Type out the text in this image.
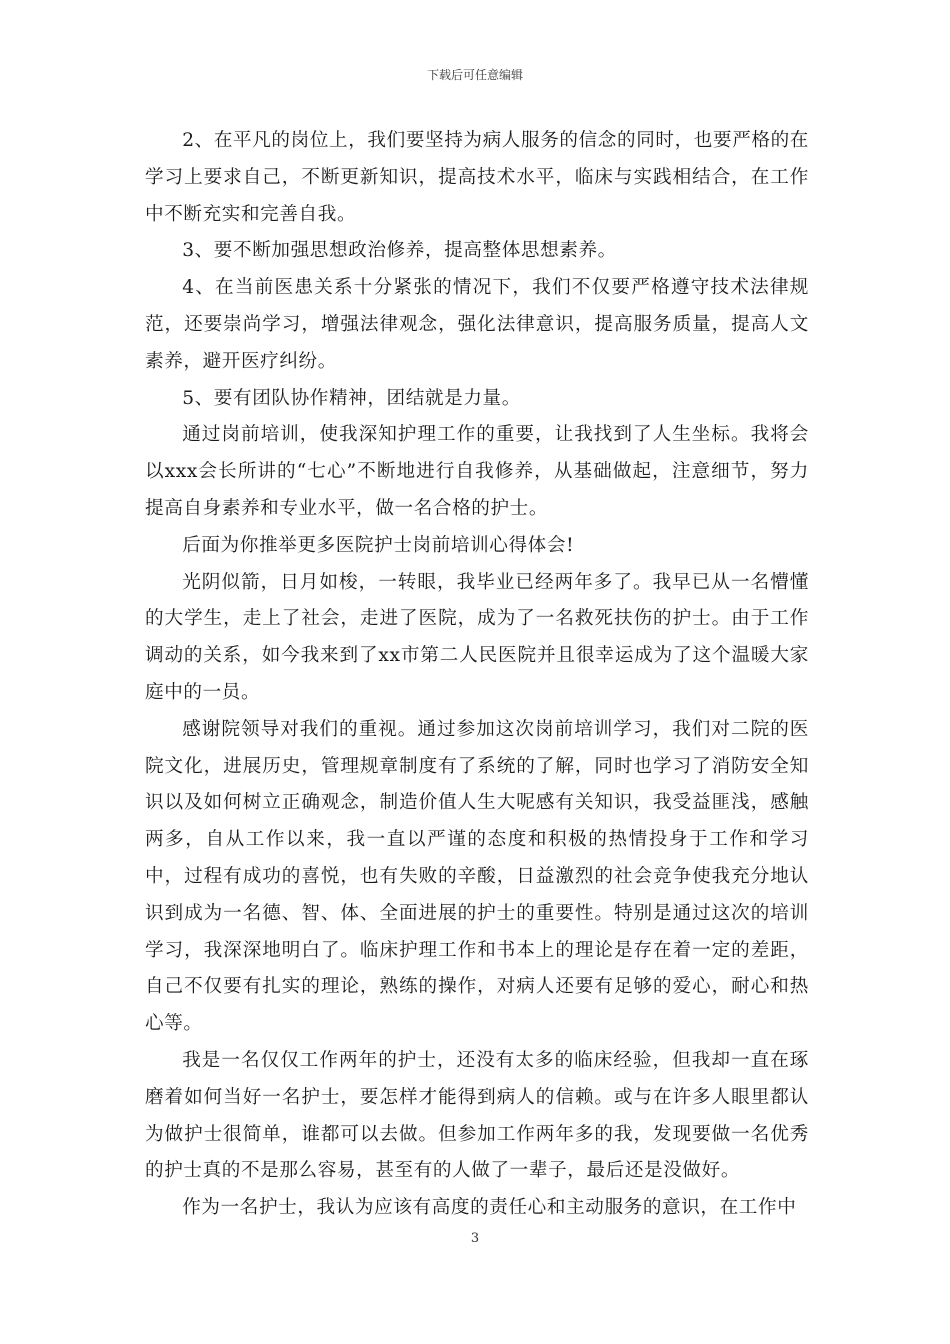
下载后可任意编辑

2、在平凡的岗位上，我们要坚持为病人服务的信念的同时，也要严格的在学习上要求自己，不断更新知识，提高技术水平，临床与实践相结合，在工作中不断充实和完善自我。

3、要不断加强思想政治修养，提高整体思想素养。

4、在当前医患关系十分紧张的情况下，我们不仅要严格遵守技术法律规范，还要崇尚学习，增强法律观念，强化法律意识，提高服务质量，提高人文素养，避开医疗纠纷。

5、要有团队协作精神，团结就是力量。

通过岗前培训，使我深知护理工作的重要，让我找到了人生坐标。我将会以xxx会长所讲的“七心”不断地进行自我修养，从基础做起，注意细节，努力提高自身素养和专业水平，做一名合格的护士。

后面为你推举更多医院护士岗前培训心得体会!

光阴似箭，日月如梭，一转眼，我毕业已经两年多了。我早已从一名懵懂的大学生，走上了社会，走进了医院，成为了一名救死扶伤的护士。由于工作调动的关系，如今我来到了xx市第二人民医院并且很幸运成为了这个温暖大家庭中的一员。

感谢院领导对我们的重视。通过参加这次岗前培训学习，我们对二院的医院文化，进展历史，管理规章制度有了系统的了解，同时也学习了消防安全知识以及如何树立正确观念，制造价值人生大呢感有关知识，我受益匪浅，感触两多，自从工作以来，我一直以严谨的态度和积极的热情投身于工作和学习中，过程有成功的喜悦，也有失败的辛酸，日益激烈的社会竞争使我充分地认识到成为一名德、智、体、全面进展的护士的重要性。特别是通过这次的培训学习，我深深地明白了。临床护理工作和书本上的理论是存在着一定的差距，自己不仅要有扎实的理论，熟练的操作，对病人还要有足够的爱心，耐心和热心等。

我是一名仅仅工作两年的护士，还没有太多的临床经验，但我却一直在琢磨着如何当好一名护士，要怎样才能得到病人的信赖。或与在许多人眼里都认为做护士很简单，谁都可以去做。但参加工作两年多的我，发现要做一名优秀的护士真的不是那么容易，甚至有的人做了一辈子，最后还是没做好。

作为一名护士，我认为应该有高度的责任心和主动服务的意识，在工作中

3
